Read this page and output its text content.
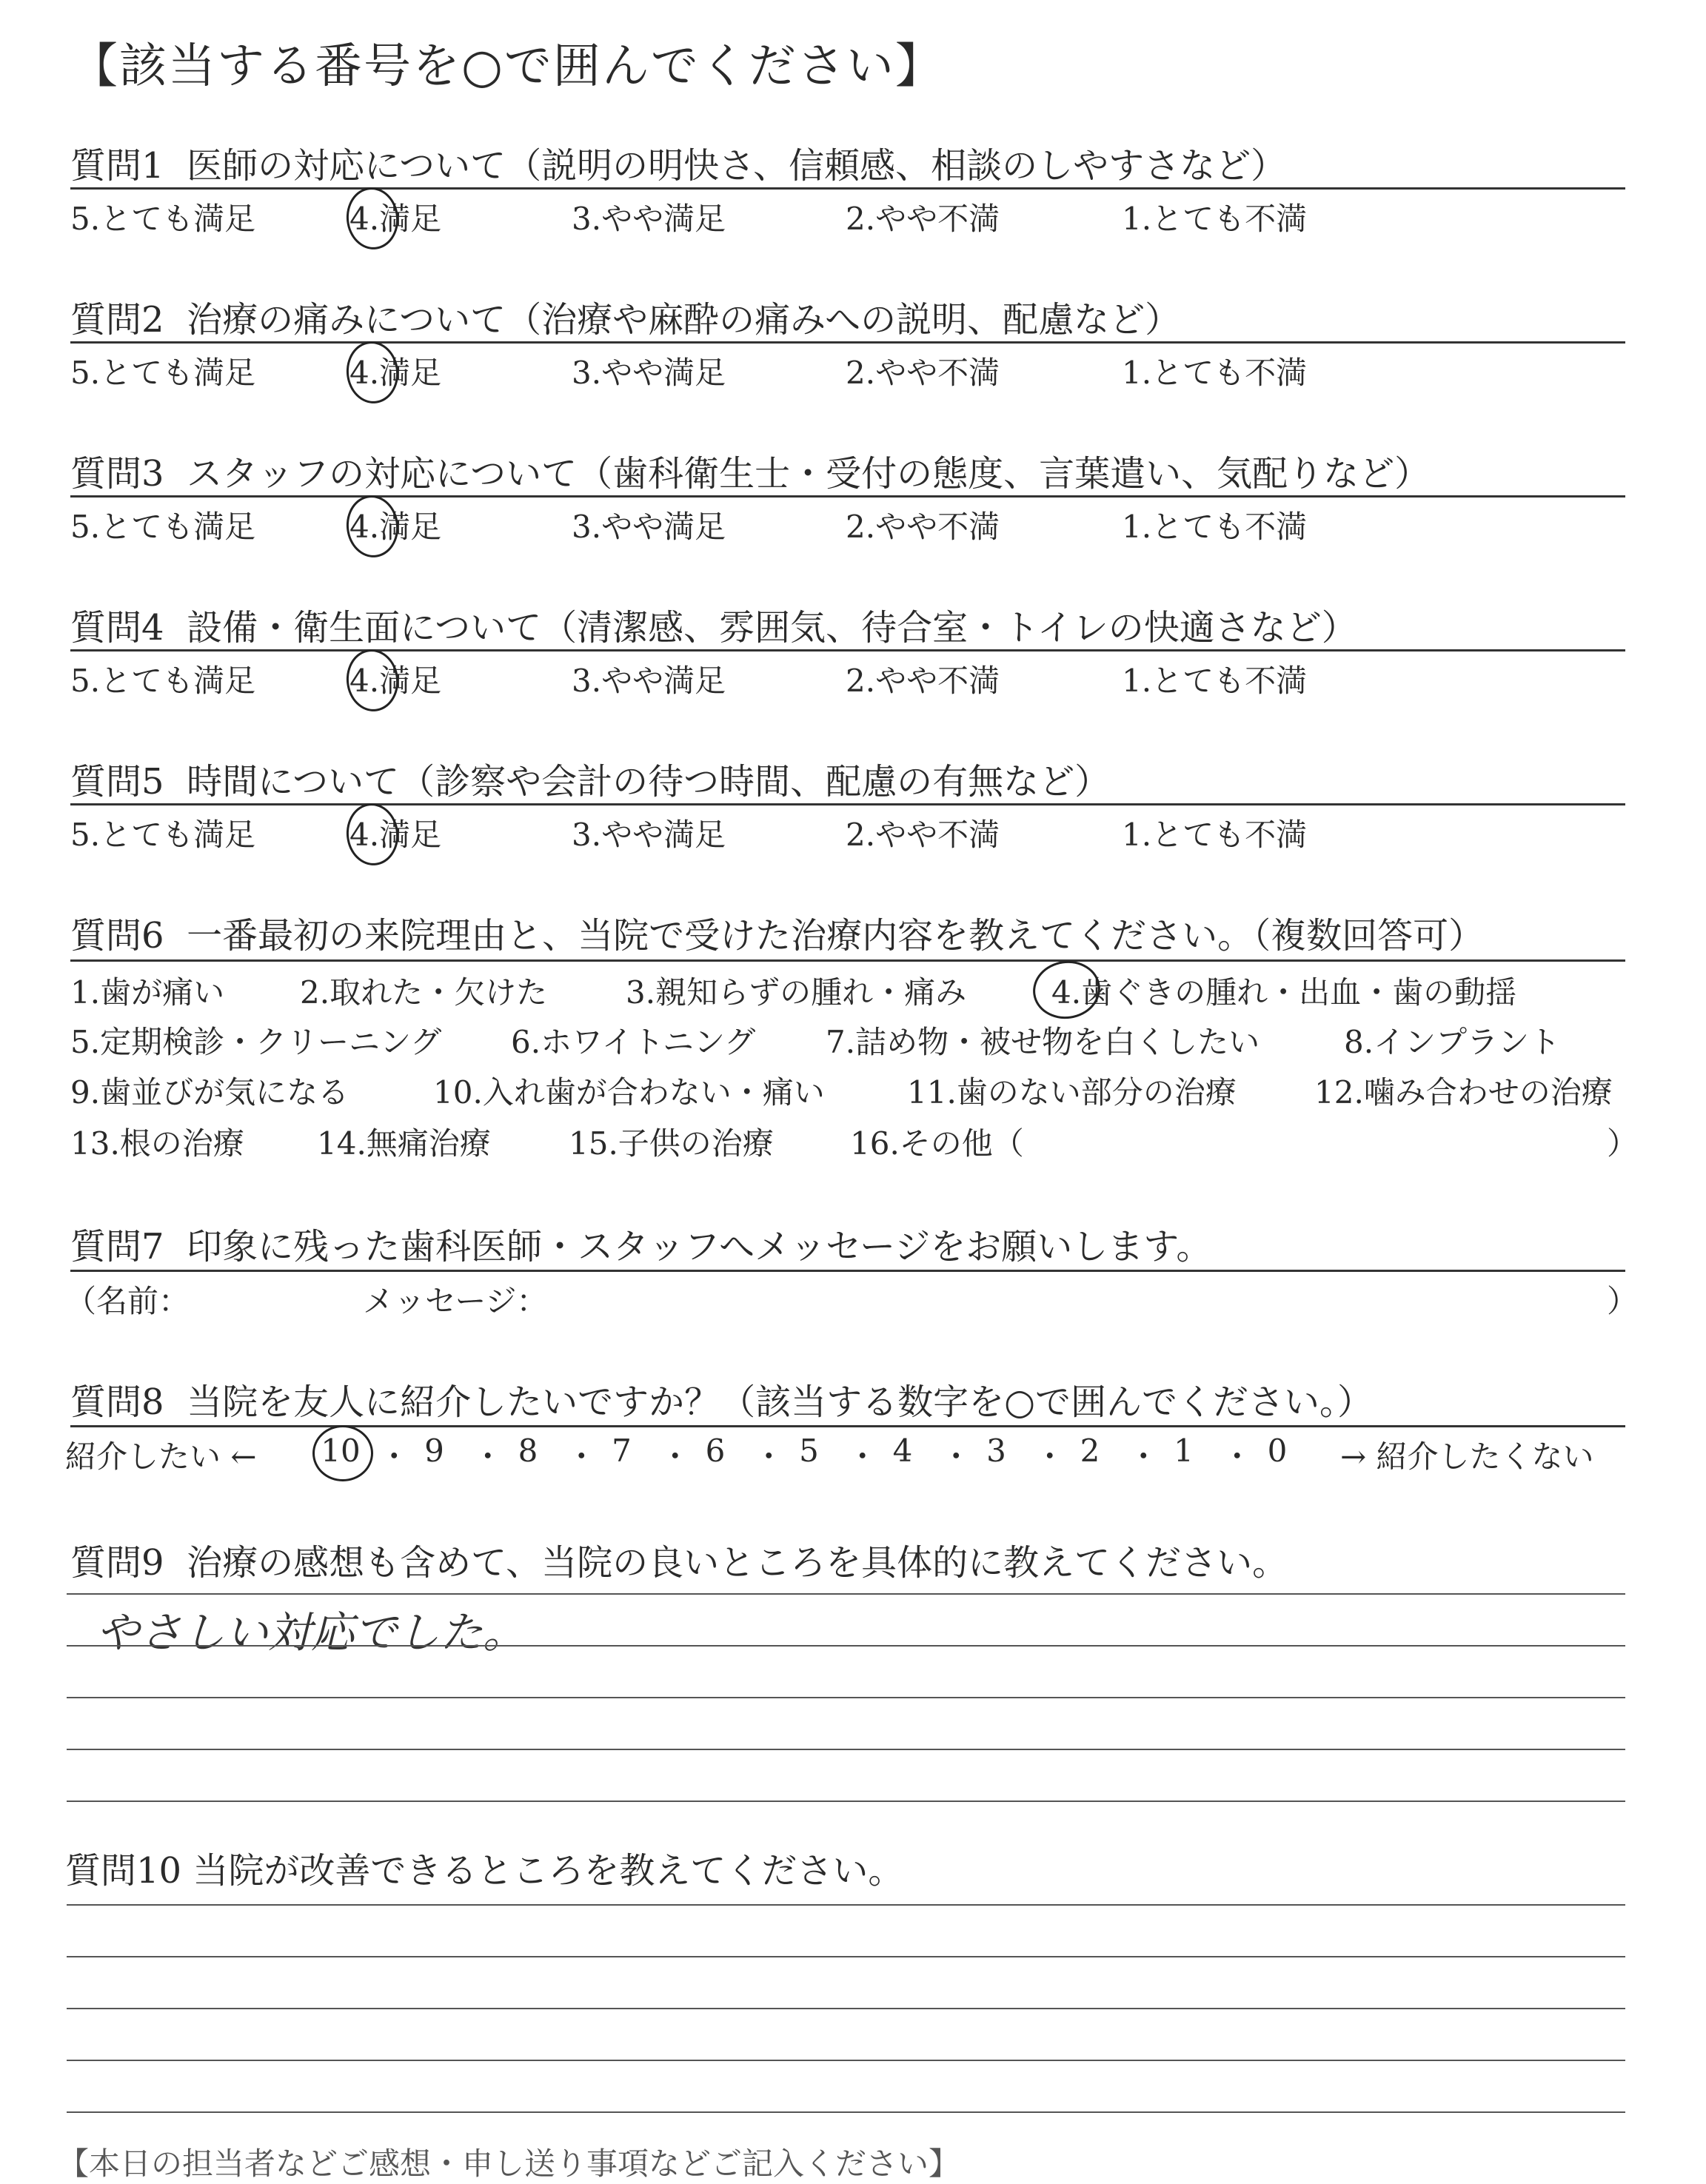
【該当する番号を○で囲んでください】
質問1 医師の対応について（説明の明快さ、信頼感、相談のしやすさなど）
5.とても満足	4.満足	3.やや満足	2.やや不満	1.とても不満
質問2 治療の痛みについて（治療や麻酔の痛みへの説明、配慮など）
5.とても満足	4.満足	3.やや満足	2.やや不満	1.とても不満
質問3 スタッフの対応について（歯科衛生士・受付の態度、言葉遣い、気配りなど）
5.とても満足	4.満足	3.やや満足	2.やや不満	1.とても不満
質問4 設備・衛生面について（清潔感、雰囲気、待合室・トイレの快適さなど）
5.とても満足	4.満足	3.やや満足	2.やや不満	1.とても不満
質問5 時間について（診察や会計の待つ時間、配慮の有無など）
5.とても満足	4.満足	3.やや満足	2.やや不満	1.とても不満
質問6 一番最初の来院理由と、当院で受けた治療内容を教えてください。（複数回答可）
1.歯が痛い 2.取れた・欠けた	3.親知らずの腫れ・痛み	4.歯ぐきの腫れ・出血・歯の動揺
5.定期検診・クリーニング 6.ホワイトニング 7.詰め物・被せ物を白くしたい	8.インプラント
9.歯並びが気になる	10.入れ歯が合わない・痛い	11.歯のない部分の治療	12.噛み合わせの治療
13.根の治療 14.無痛治療	15.子供の治療 16.その他（	）
質問7 印象に残った歯科医師・スタッフへメッセージをお願いします。
（名前：	メッセージ：	）
質問8 当院を友人に紹介したいですか？（該当する数字を○で囲んでください。）
紹介したい ← 10 ・ 9 ・ 8 ・ 7 ・ 6 ・ 5 ・ 4 ・ 3 ・ 2 ・ 1 ・ 0	→ 紹介したくない
質問9 治療の感想も含めて、当院の良いところを具体的に教えてください。
やさしい対応でした。
質問10 当院が改善できるところを教えてください。
【本日の担当者などご感想・申し送り事項などご記入ください】
